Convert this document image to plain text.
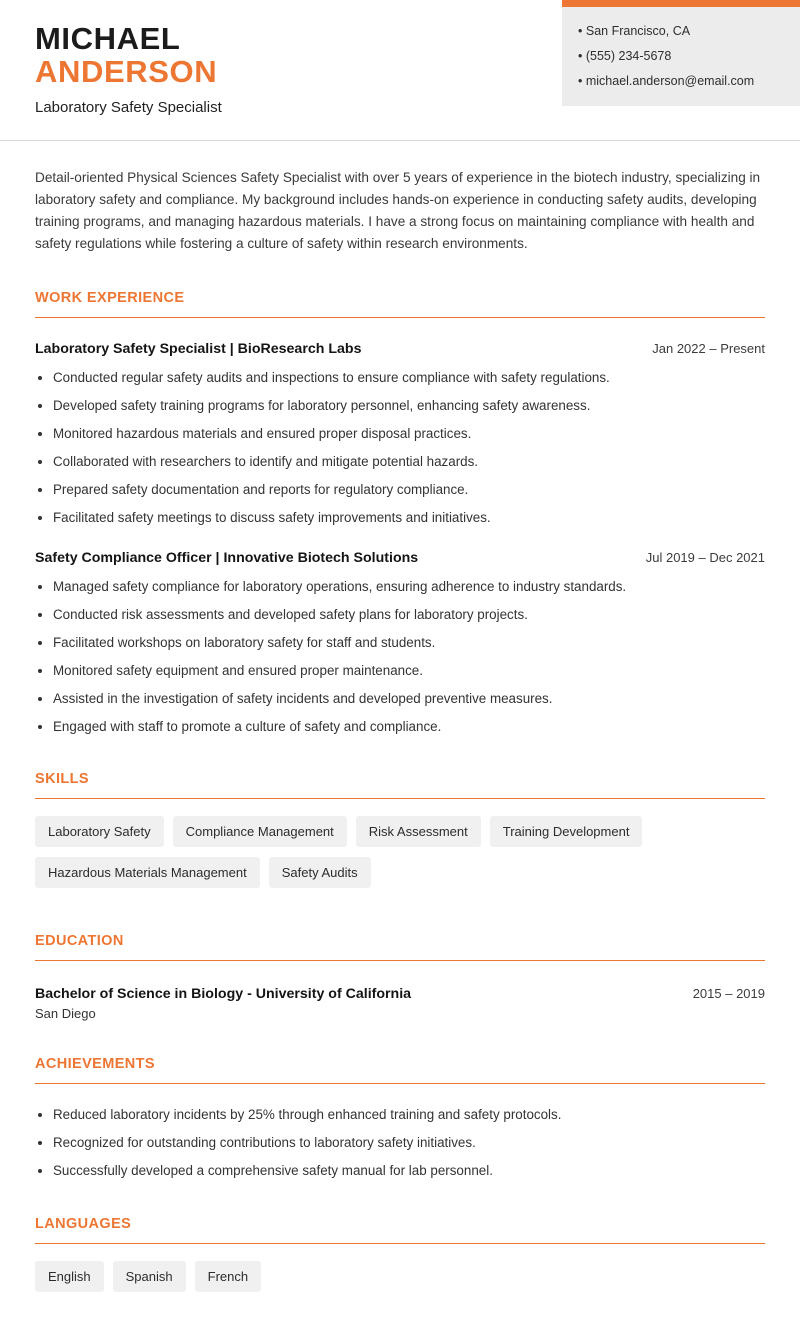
MICHAEL
ANDERSON
Laboratory Safety Specialist
• San Francisco, CA
• (555) 234-5678
• michael.anderson@email.com

Detail-oriented Physical Sciences Safety Specialist with over 5 years of experience in the biotech industry, specializing in laboratory safety and compliance. My background includes hands-on experience in conducting safety audits, developing training programs, and managing hazardous materials. I have a strong focus on maintaining compliance with health and safety regulations while fostering a culture of safety within research environments.

WORK EXPERIENCE
Laboratory Safety Specialist | BioResearch Labs	Jan 2022 – Present
• Conducted regular safety audits and inspections to ensure compliance with safety regulations.
• Developed safety training programs for laboratory personnel, enhancing safety awareness.
• Monitored hazardous materials and ensured proper disposal practices.
• Collaborated with researchers to identify and mitigate potential hazards.
• Prepared safety documentation and reports for regulatory compliance.
• Facilitated safety meetings to discuss safety improvements and initiatives.
Safety Compliance Officer | Innovative Biotech Solutions	Jul 2019 – Dec 2021
• Managed safety compliance for laboratory operations, ensuring adherence to industry standards.
• Conducted risk assessments and developed safety plans for laboratory projects.
• Facilitated workshops on laboratory safety for staff and students.
• Monitored safety equipment and ensured proper maintenance.
• Assisted in the investigation of safety incidents and developed preventive measures.
• Engaged with staff to promote a culture of safety and compliance.
SKILLS
Laboratory Safety	Compliance Management	Risk Assessment	Training Development
Hazardous Materials Management	Safety Audits
EDUCATION
Bachelor of Science in Biology - University of California	2015 – 2019
San Diego
ACHIEVEMENTS
• Reduced laboratory incidents by 25% through enhanced training and safety protocols.
• Recognized for outstanding contributions to laboratory safety initiatives.
• Successfully developed a comprehensive safety manual for lab personnel.
LANGUAGES
English	Spanish	French
